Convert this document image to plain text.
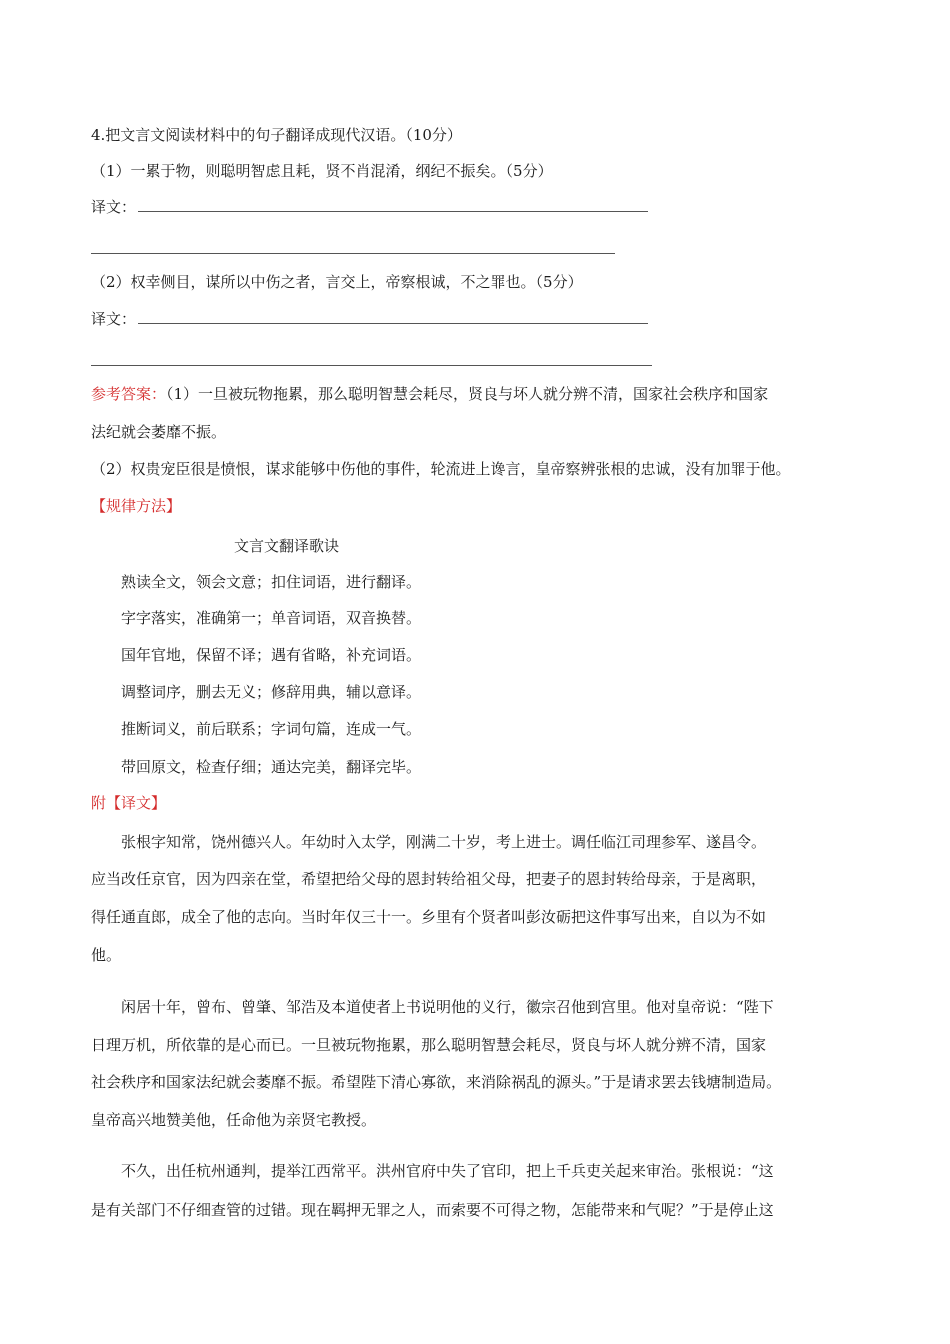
4.把文言文阅读材料中的句子翻译成现代汉语。（10分）
（1）一累于物，则聪明智虑且耗，贤不肖混淆，纲纪不振矣。（5分）
译文：
（2）权幸侧目，谋所以中伤之者，言交上，帝察根诚，不之罪也。（5分）
译文：
参考答案：（1）一旦被玩物拖累，那么聪明智慧会耗尽，贤良与坏人就分辨不清，国家社会秩序和国家
法纪就会萎靡不振。
（2）权贵宠臣很是愤恨，谋求能够中伤他的事件，轮流进上谗言，皇帝察辨张根的忠诚，没有加罪于他。
【规律方法】
文言文翻译歌诀
熟读全文，领会文意；扣住词语，进行翻译。
字字落实，准确第一；单音词语，双音换替。
国年官地，保留不译；遇有省略，补充词语。
调整词序，删去无义；修辞用典，辅以意译。
推断词义，前后联系；字词句篇，连成一气。
带回原文，检查仔细；通达完美，翻译完毕。
附【译文】
张根字知常，饶州德兴人。年幼时入太学，刚满二十岁，考上进士。调任临江司理参军、遂昌令。
应当改任京官，因为四亲在堂，希望把给父母的恩封转给祖父母，把妻子的恩封转给母亲，于是离职，
得任通直郎，成全了他的志向。当时年仅三十一。乡里有个贤者叫彭汝砺把这件事写出来，自以为不如
他。
闲居十年，曾布、曾肇、邹浩及本道使者上书说明他的义行，徽宗召他到宫里。他对皇帝说：“陛下
日理万机，所依靠的是心而已。一旦被玩物拖累，那么聪明智慧会耗尽，贤良与坏人就分辨不清，国家
社会秩序和国家法纪就会萎靡不振。希望陛下清心寡欲，来消除祸乱的源头。”于是请求罢去钱塘制造局。
皇帝高兴地赞美他，任命他为亲贤宅教授。
不久，出任杭州通判，提举江西常平。洪州官府中失了官印，把上千兵吏关起来审治。张根说：“这
是有关部门不仔细查管的过错。现在羁押无罪之人，而索要不可得之物，怎能带来和气呢？”于是停止这
